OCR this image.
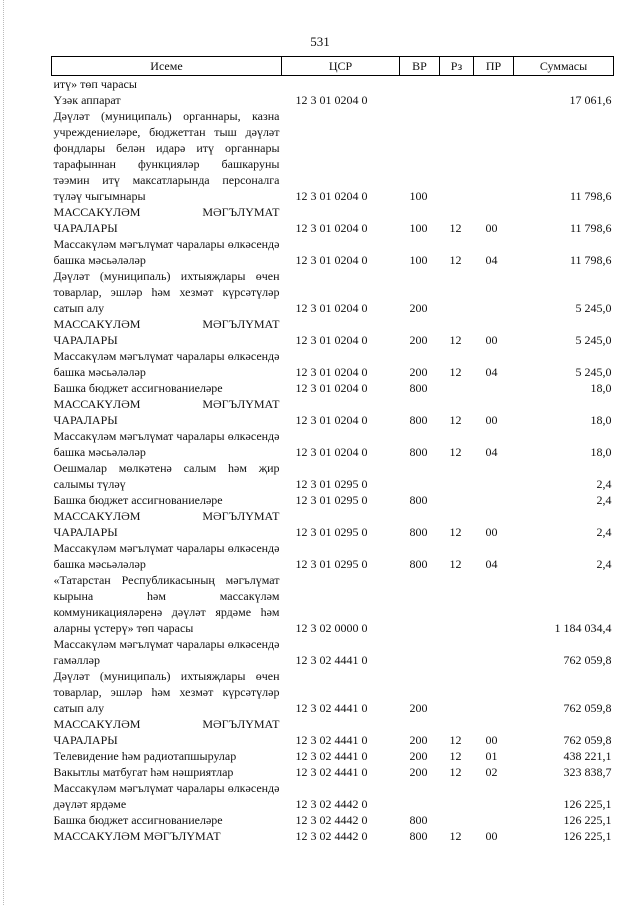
531
Исеме	ЦСР	ВР	Рз	ПР	Суммасы
итү» төп чарасы					
Үзәк аппарат	12 3 01 0204 0				17 061,6
Дәүләт (муниципаль) органнары, казна учреждениеләре, бюджеттан тыш дәүләт фондлары белән идарә итү органнары тарафыннан функцияләр башкаруны тәэмин итү максатларында персоналга түләү чыгымнары	12 3 01 0204 0	100			11 798,6
МАССАКҮЛӘМ МӘГЪЛҮМАТ ЧАРАЛАРЫ	12 3 01 0204 0	100	12	00	11 798,6
Массакүләм мәгълүмат чаралары өлкәсендә башка мәсьәләләр	12 3 01 0204 0	100	12	04	11 798,6
Дәүләт (муниципаль) ихтыяҗлары өчен товарлар, эшләр һәм хезмәт күрсәтүләр сатып алу	12 3 01 0204 0	200			5 245,0
МАССАКҮЛӘМ МӘГЪЛҮМАТ ЧАРАЛАРЫ	12 3 01 0204 0	200	12	00	5 245,0
Массакүләм мәгълүмат чаралары өлкәсендә башка мәсьәләләр	12 3 01 0204 0	200	12	04	5 245,0
Башка бюджет ассигнованиеләре	12 3 01 0204 0	800			18,0
МАССАКҮЛӘМ МӘГЪЛҮМАТ ЧАРАЛАРЫ	12 3 01 0204 0	800	12	00	18,0
Массакүләм мәгълүмат чаралары өлкәсендә башка мәсьәләләр	12 3 01 0204 0	800	12	04	18,0
Оешмалар мөлкәтенә салым һәм җир салымы түләү	12 3 01 0295 0				2,4
Башка бюджет ассигнованиеләре	12 3 01 0295 0	800			2,4
МАССАКҮЛӘМ МӘГЪЛҮМАТ ЧАРАЛАРЫ	12 3 01 0295 0	800	12	00	2,4
Массакүләм мәгълүмат чаралары өлкәсендә башка мәсьәләләр	12 3 01 0295 0	800	12	04	2,4
«Татарстан Республикасының мәгълүмат кырына һәм массакүләм коммуникацияләренә дәүләт ярдәме һәм аларны үстерү» төп чарасы	12 3 02 0000 0				1 184 034,4
Массакүләм мәгълүмат чаралары өлкәсендә гамәлләр	12 3 02 4441 0				762 059,8
Дәүләт (муниципаль) ихтыяҗлары өчен товарлар, эшләр һәм хезмәт күрсәтүләр сатып алу	12 3 02 4441 0	200			762 059,8
МАССАКҮЛӘМ МӘГЪЛҮМАТ ЧАРАЛАРЫ	12 3 02 4441 0	200	12	00	762 059,8
Телевидение һәм радиотапшырулар	12 3 02 4441 0	200	12	01	438 221,1
Вакытлы матбугат һәм нәшриятлар	12 3 02 4441 0	200	12	02	323 838,7
Массакүләм мәгълүмат чаралары өлкәсендә дәүләт ярдәме	12 3 02 4442 0				126 225,1
Башка бюджет ассигнованиеләре	12 3 02 4442 0	800			126 225,1
МАССАКҮЛӘМ МӘГЪЛҮМАТ	12 3 02 4442 0	800	12	00	126 225,1
